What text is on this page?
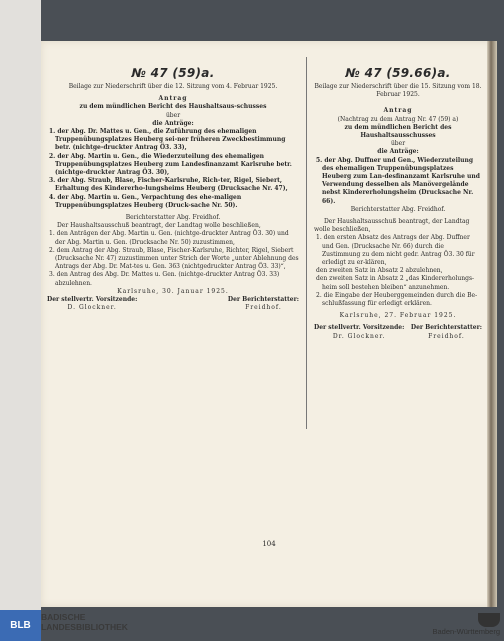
№ 47 (59)a.
Beilage zur Niederschrift über die 12. Sitzung vom 4. Februar 1925.
Antrag
zu dem mündlichen Bericht des Haushaltsaus-schusses
über
die Anträge:
1. der Abg. Dr. Mattes u. Gen., die Zuführung des ehemaligen Truppenübungsplatzes Heuberg sei-ner früheren Zweckbestimmung betr. (nichtge-druckter Antrag Ö3. 33),
2. der Abg. Martin u. Gen., die Wiederzuteilung des ehemaligen Truppenübungsplatzes Heuberg zum Landesfinanzamt Karlsruhe betr. (nichtge-druckter Antrag Ö3. 30),
3. der Abg. Straub, Blase, Fischer-Karlsruhe, Rich-ter, Rigel, Siebert, Erhaltung des Kindererho-lungsheims Heuberg (Drucksache Nr. 47),
4. der Abg. Martin u. Gen., Verpachtung des ehe-maligen Truppenübungsplatzes Heuberg (Druck-sache Nr. 50).
Berichterstatter Abg. Freidhof.
Der Haushaltsausschuß beantragt, der Landtag wolle beschließen,
1. den Anträgen der Abg. Martin u. Gen. (nichtge-druckter Antrag Ö3. 30) und der Abg. Martin u. Gen. (Drucksache Nr. 50) zuzustimmen,
2. dem Antrag der Abg. Straub, Blase, Fischer-Karlsruhe, Richter, Rigel, Siebert (Drucksache Nr. 47) zuzustimmen unter Strich der Worte „unter Ablehnung des Antrags der Abg. Dr. Mat-tes u. Gen. 363 (nichtgedruckter Antrag Ö3. 33)“,
3. den Antrag des Abg. Dr. Mattes u. Gen. (nichtge-druckter Antrag Ö3. 33) abzulehnen.
Karlsruhe, 30. Januar 1925.
Der stellvertr. Vorsitzende:
D. Glockner.
Der Berichterstatter:
Freidhof.
№ 47 (59.66)a.
Beilage zur Niederschrift über die 15. Sitzung vom 18. Februar 1925.
Antrag
(Nachtrag zu dem Antrag Nr. 47 (59) a)
zu dem mündlichen Bericht des Haushaltsausschusses
über
die Anträge:
5. der Abg. Duffner und Gen., Wiederzuteilung des ehemaligen Truppenübungsplatzes Heuberg zum Lan-desfinanzamt Karlsruhe und Verwendung desselben als Manövergelände nebst Kindererholungsheim (Drucksache Nr. 66).
Berichterstatter Abg. Freidhof.
Der Haushaltsausschuß beantragt, der Landtag wolle beschließen,
1. den ersten Absatz des Antrags der Abg. Duffner und Gen. (Drucksache Nr. 66) durch die Zustimmung zu dem nicht gedr. Antrag Ö3. 30 für erledigt zu er-klären,
den zweiten Satz in Absatz 2 abzulehnen,
den zweiten Satz in Absatz 2 „das Kindererholungs-heim soll bestehen bleiben“ anzunehmen.
2. die Eingabe der Heuberggemeinden durch die Be-schlußfassung für erledigt erklären.
Karlsruhe, 27. Februar 1925.
Der stellvertr. Vorsitzende:
Dr. Glockner.
Der Berichterstatter:
Freidhof.
104
BLB
BADISCHE
LANDESBIBLIOTHEK	Baden-Württemberg
